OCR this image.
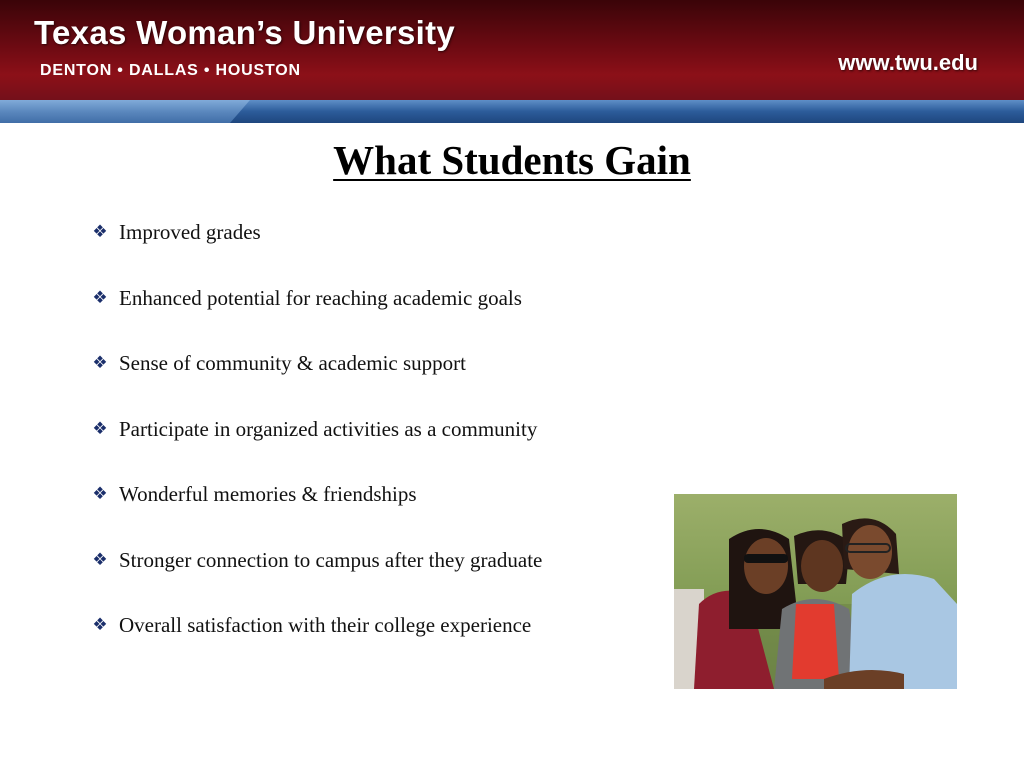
Texas Woman’s University
DENTON • DALLAS • HOUSTON	www.twu.edu
What Students Gain
❖ Improved grades
❖ Enhanced potential for reaching academic goals
❖ Sense of community & academic support
❖ Participate in organized activities as a community
❖ Wonderful memories & friendships
❖ Stronger connection to campus after they graduate
❖ Overall satisfaction with their college experience
